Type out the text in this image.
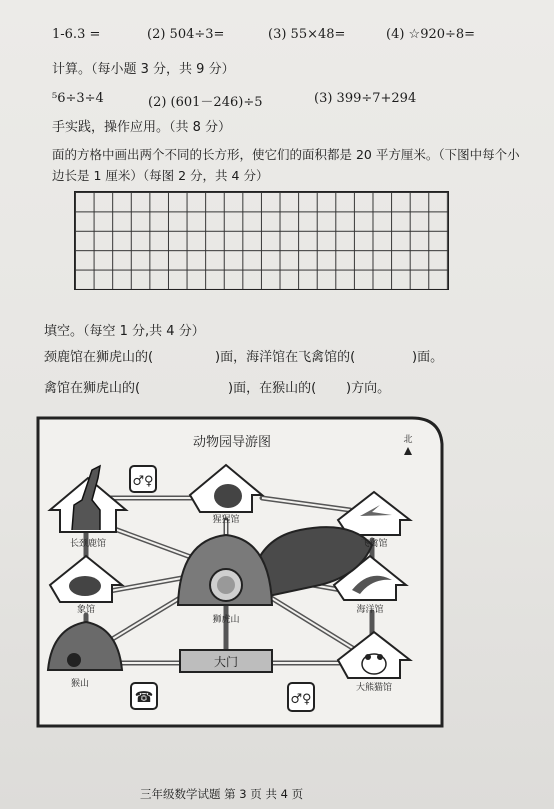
1-6.3 =	(2) 504÷3=	(3) 55×48=	(4) ☆920÷8=
计算。（每小题 3 分，共 9 分）
⁵6÷3÷4	(2) (601－246)÷5	(3) 399÷7+294
手实践，操作应用。（共 8 分）
面的方格中画出两个不同的长方形，使它们的面积都是 20 平方厘米。（下图中每个小
边长是 1 厘米）（每图 2 分，共 4 分）
填空。（每空 1 分,共 4 分）
颈鹿馆在狮虎山的(	)面，海洋馆在飞禽馆的(	)面。
禽馆在狮虎山的(	)面，在猴山的( )方向。
动物园导游图	北
♂♀
♂♀
☎
长颈鹿馆
猩猩馆
飞禽馆
象馆	海洋馆
狮虎山
猴山	大熊猫馆
大门
三年级数学试题 第 3 页 共 4 页
